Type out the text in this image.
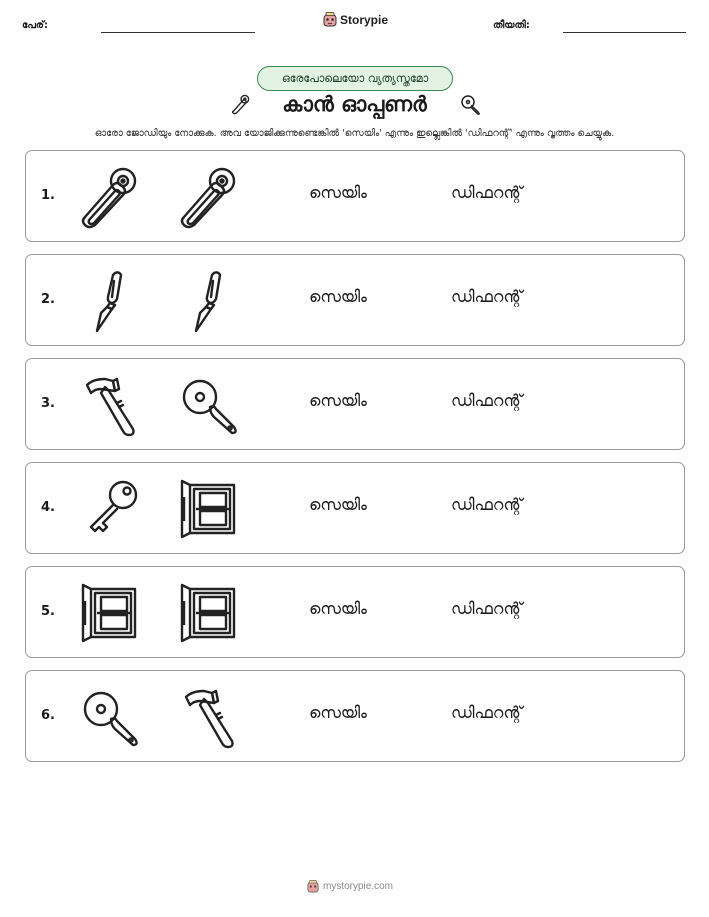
പേര്:	Storypie	തീയതി:
ഒരേപോലെയോ വ്യത്യസ്തമോ
കാൻ ഓപ്പണർ
ഓരോ ജോഡിയും നോക്കുക. അവ യോജിക്കുന്നുണ്ടെങ്കിൽ 'സെയിം' എന്നും ഇല്ലെങ്കിൽ 'ഡിഫറന്റ്' എന്നും വൃത്തം ചെയ്യുക.
1.	സെയിം	ഡിഫറന്റ്
2.	സെയിം	ഡിഫറന്റ്
3.	സെയിം	ഡിഫറന്റ്
4.	സെയിം	ഡിഫറന്റ്
5.	സെയിം	ഡിഫറന്റ്
6.	സെയിം	ഡിഫറന്റ്
mystorypie.com
